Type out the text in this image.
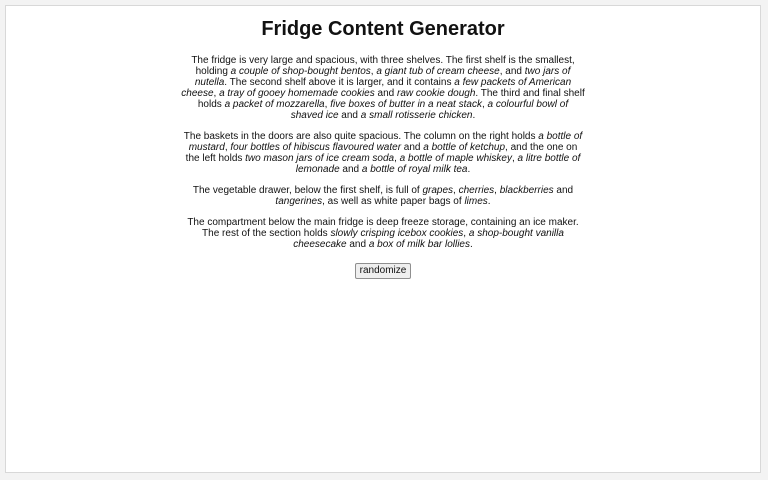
Fridge Content Generator

The fridge is very large and spacious, with three shelves. The first shelf is the smallest, holding a couple of shop-bought bentos, a giant tub of cream cheese, and two jars of nutella. The second shelf above it is larger, and it contains a few packets of American cheese, a tray of gooey homemade cookies and raw cookie dough. The third and final shelf holds a packet of mozzarella, five boxes of butter in a neat stack, a colourful bowl of shaved ice and a small rotisserie chicken.

The baskets in the doors are also quite spacious. The column on the right holds a bottle of mustard, four bottles of hibiscus flavoured water and a bottle of ketchup, and the one on the left holds two mason jars of ice cream soda, a bottle of maple whiskey, a litre bottle of lemonade and a bottle of royal milk tea.

The vegetable drawer, below the first shelf, is full of grapes, cherries, blackberries and tangerines, as well as white paper bags of limes.

The compartment below the main fridge is deep freeze storage, containing an ice maker. The rest of the section holds slowly crisping icebox cookies, a shop-bought vanilla cheesecake and a box of milk bar lollies.

randomize
